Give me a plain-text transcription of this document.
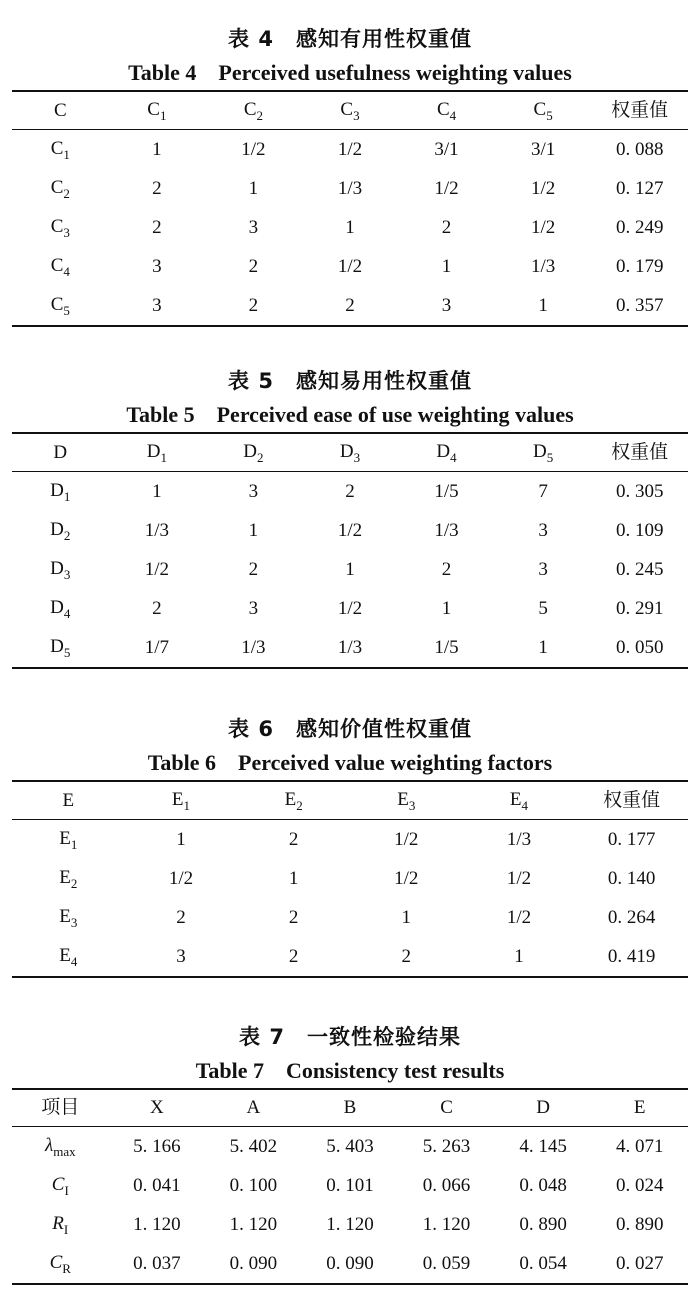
表 4　感知有用性权重值
Table 4　Perceived usefulness weighting values
C	$C_1$	$C_2$	$C_3$	$C_4$	$C_5$	权重值
$C_1$	1	1/2	1/2	3/1	3/1	0. 088
$C_2$	2	1	1/3	1/2	1/2	0. 127
$C_3$	2	3	1	2	1/2	0. 249
$C_4$	3	2	1/2	1	1/3	0. 179
$C_5$	3	2	2	3	1	0. 357
表 5　感知易用性权重值
Table 5　Perceived ease of use weighting values
D	$D_1$	$D_2$	$D_3$	$D_4$	$D_5$	权重值
$D_1$	1	3	2	1/5	7	0. 305
$D_2$	1/3	1	1/2	1/3	3	0. 109
$D_3$	1/2	2	1	2	3	0. 245
$D_4$	2	3	1/2	1	5	0. 291
$D_5$	1/7	1/3	1/3	1/5	1	0. 050
表 6　感知价值性权重值
Table 6　Perceived value weighting factors
E	$E_1$	$E_2$	$E_3$	$E_4$	权重值
$E_1$	1	2	1/2	1/3	0. 177
$E_2$	1/2	1	1/2	1/2	0. 140
$E_3$	2	2	1	1/2	0. 264
$E_4$	3	2	2	1	0. 419
表 7　一致性检验结果
Table 7　Consistency test results
项目	X	A	B	C	D	E
$\lambda_{max}$	5. 166	5. 402	5. 403	5. 263	4. 145	4. 071
$C_I$	0. 041	0. 100	0. 101	0. 066	0. 048	0. 024
$R_I$	1. 120	1. 120	1. 120	1. 120	0. 890	0. 890
$C_R$	0. 037	0. 090	0. 090	0. 059	0. 054	0. 027
